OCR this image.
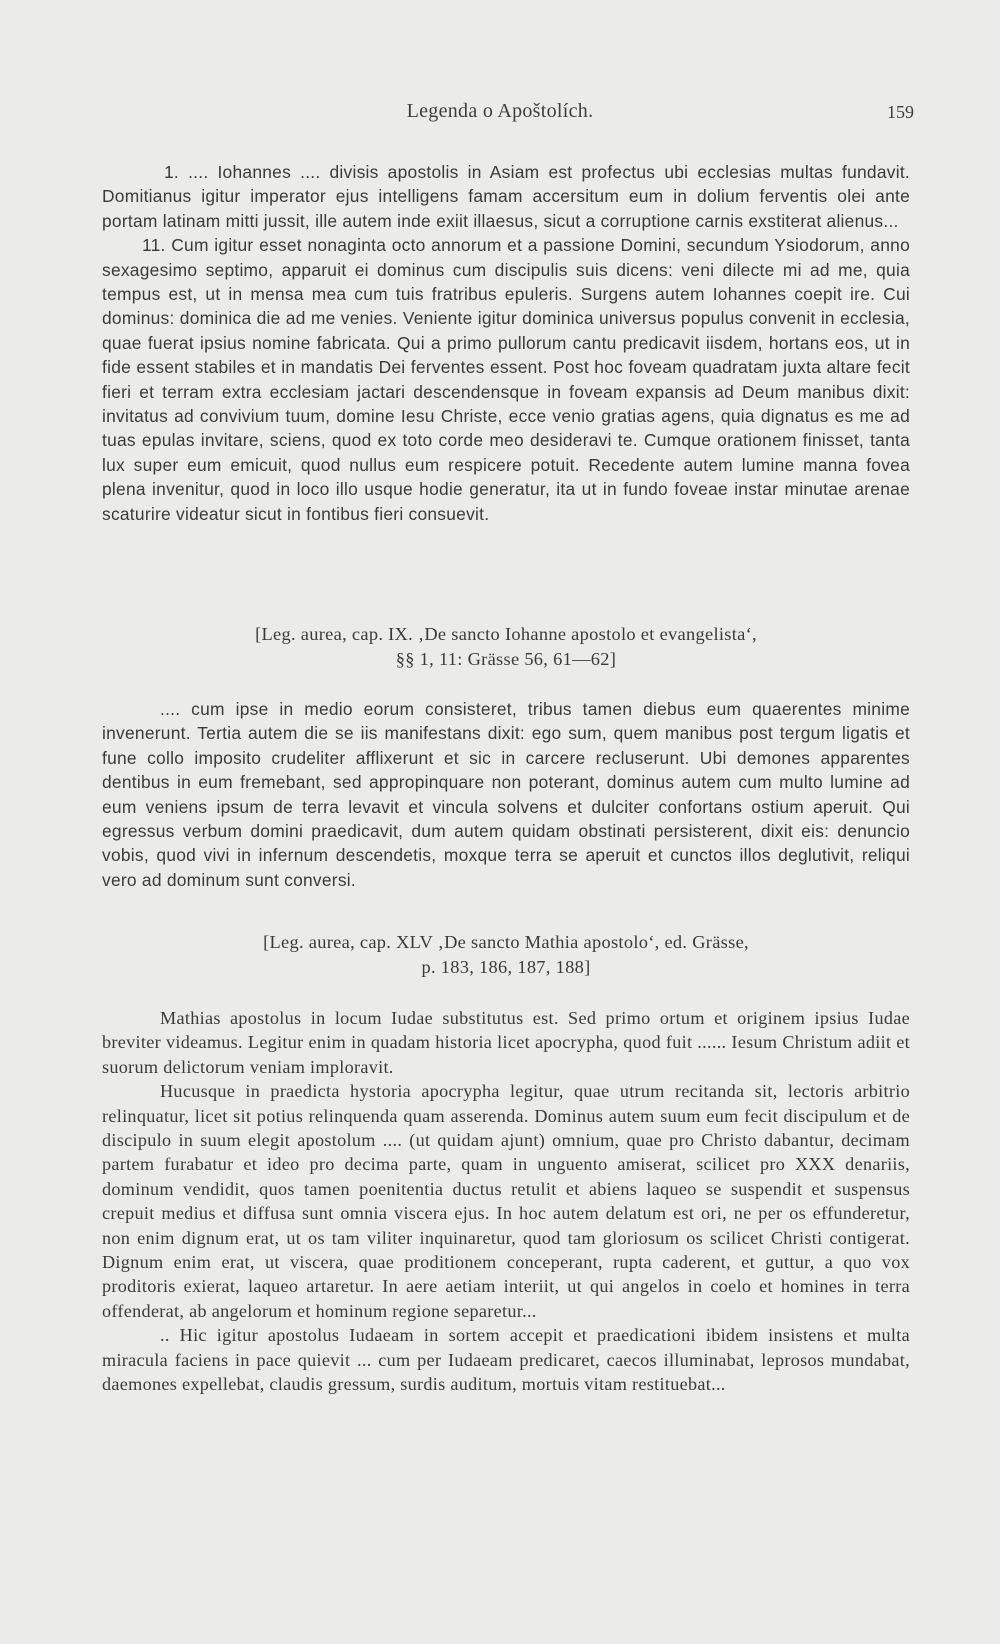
Legenda o Apoštolích.	159

1. .... Iohannes .... divisis apostolis in Asiam est profectus ubi ecclesias multas fundavit. Domitianus igitur imperator ejus intelligens famam accersitum eum in dolium ferventis olei ante portam latinam mitti jussit, ille autem inde exiit illaesus, sicut a corruptione carnis exstiterat alienus...

11. Cum igitur esset nonaginta octo annorum et a passione Domini, secundum Ysiodorum, anno sexagesimo septimo, apparuit ei dominus cum discipulis suis dicens: veni dilecte mi ad me, quia tempus est, ut in mensa mea cum tuis fratribus epuleris. Surgens autem Iohannes coepit ire. Cui dominus: dominica die ad me venies. Veniente igitur dominica universus populus convenit in ecclesia, quae fuerat ipsius nomine fabricata. Qui a primo pullorum cantu predicavit iisdem, hortans eos, ut in fide essent stabiles et in mandatis Dei ferventes essent. Post hoc foveam quadratam juxta altare fecit fieri et terram extra ecclesiam jactari descendensque in foveam expansis ad Deum manibus dixit: invitatus ad convivium tuum, domine Iesu Christe, ecce venio gratias agens, quia dignatus es me ad tuas epulas invitare, sciens, quod ex toto corde meo desideravi te. Cumque orationem finisset, tanta lux super eum emicuit, quod nullus eum respicere potuit. Recedente autem lumine manna fovea plena invenitur, quod in loco illo usque hodie generatur, ita ut in fundo foveae instar minutae arenae scaturire videatur sicut in fontibus fieri consuevit.

[Leg. aurea, cap. IX. ‚De sancto Iohanne apostolo et evangelista‘,
§§ 1, 11: Grässe 56, 61—62]

.... cum ipse in medio eorum consisteret, tribus tamen diebus eum quaerentes minime invenerunt. Tertia autem die se iis manifestans dixit: ego sum, quem manibus post tergum ligatis et fune collo imposito crudeliter afflixerunt et sic in carcere recluserunt. Ubi demones apparentes dentibus in eum fremebant, sed appropinquare non poterant, dominus autem cum multo lumine ad eum veniens ipsum de terra levavit et vincula solvens et dulciter confortans ostium aperuit. Qui egressus verbum domini praedicavit, dum autem quidam obstinati persisterent, dixit eis: denuncio vobis, quod vivi in infernum descendetis, moxque terra se aperuit et cunctos illos deglutivit, reliqui vero ad dominum sunt conversi.

[Leg. aurea, cap. XLV ‚De sancto Mathia apostolo‘, ed. Grässe,
p. 183, 186, 187, 188]

Mathias apostolus in locum Iudae substitutus est. Sed primo ortum et originem ipsius Iudae breviter videamus. Legitur enim in quadam historia licet apocrypha, quod fuit ...... Iesum Christum adiit et suorum delictorum veniam imploravit.

Hucusque in praedicta hystoria apocrypha legitur, quae utrum recitanda sit, lectoris arbitrio relinquatur, licet sit potius relinquenda quam asserenda. Dominus autem suum eum fecit discipulum et de discipulo in suum elegit apostolum .... (ut quidam ajunt) omnium, quae pro Christo dabantur, decimam partem furabatur et ideo pro decima parte, quam in unguento amiserat, scilicet pro XXX denariis, dominum vendidit, quos tamen poenitentia ductus retulit et abiens laqueo se suspendit et suspensus crepuit medius et diffusa sunt omnia viscera ejus. In hoc autem delatum est ori, ne per os effunderetur, non enim dignum erat, ut os tam viliter inquinaretur, quod tam gloriosum os scilicet Christi contigerat. Dignum enim erat, ut viscera, quae proditionem conceperant, rupta caderent, et guttur, a quo vox proditoris exierat, laqueo artaretur. In aere aetiam interiit, ut qui angelos in coelo et homines in terra offenderat, ab angelorum et hominum regione separetur...

.. Hic igitur apostolus Iudaeam in sortem accepit et praedicationi ibidem insistens et multa miracula faciens in pace quievit ... cum per Iudaeam predicaret, caecos illuminabat, leprosos mundabat, daemones expellebat, claudis gressum, surdis auditum, mortuis vitam restituebat...
